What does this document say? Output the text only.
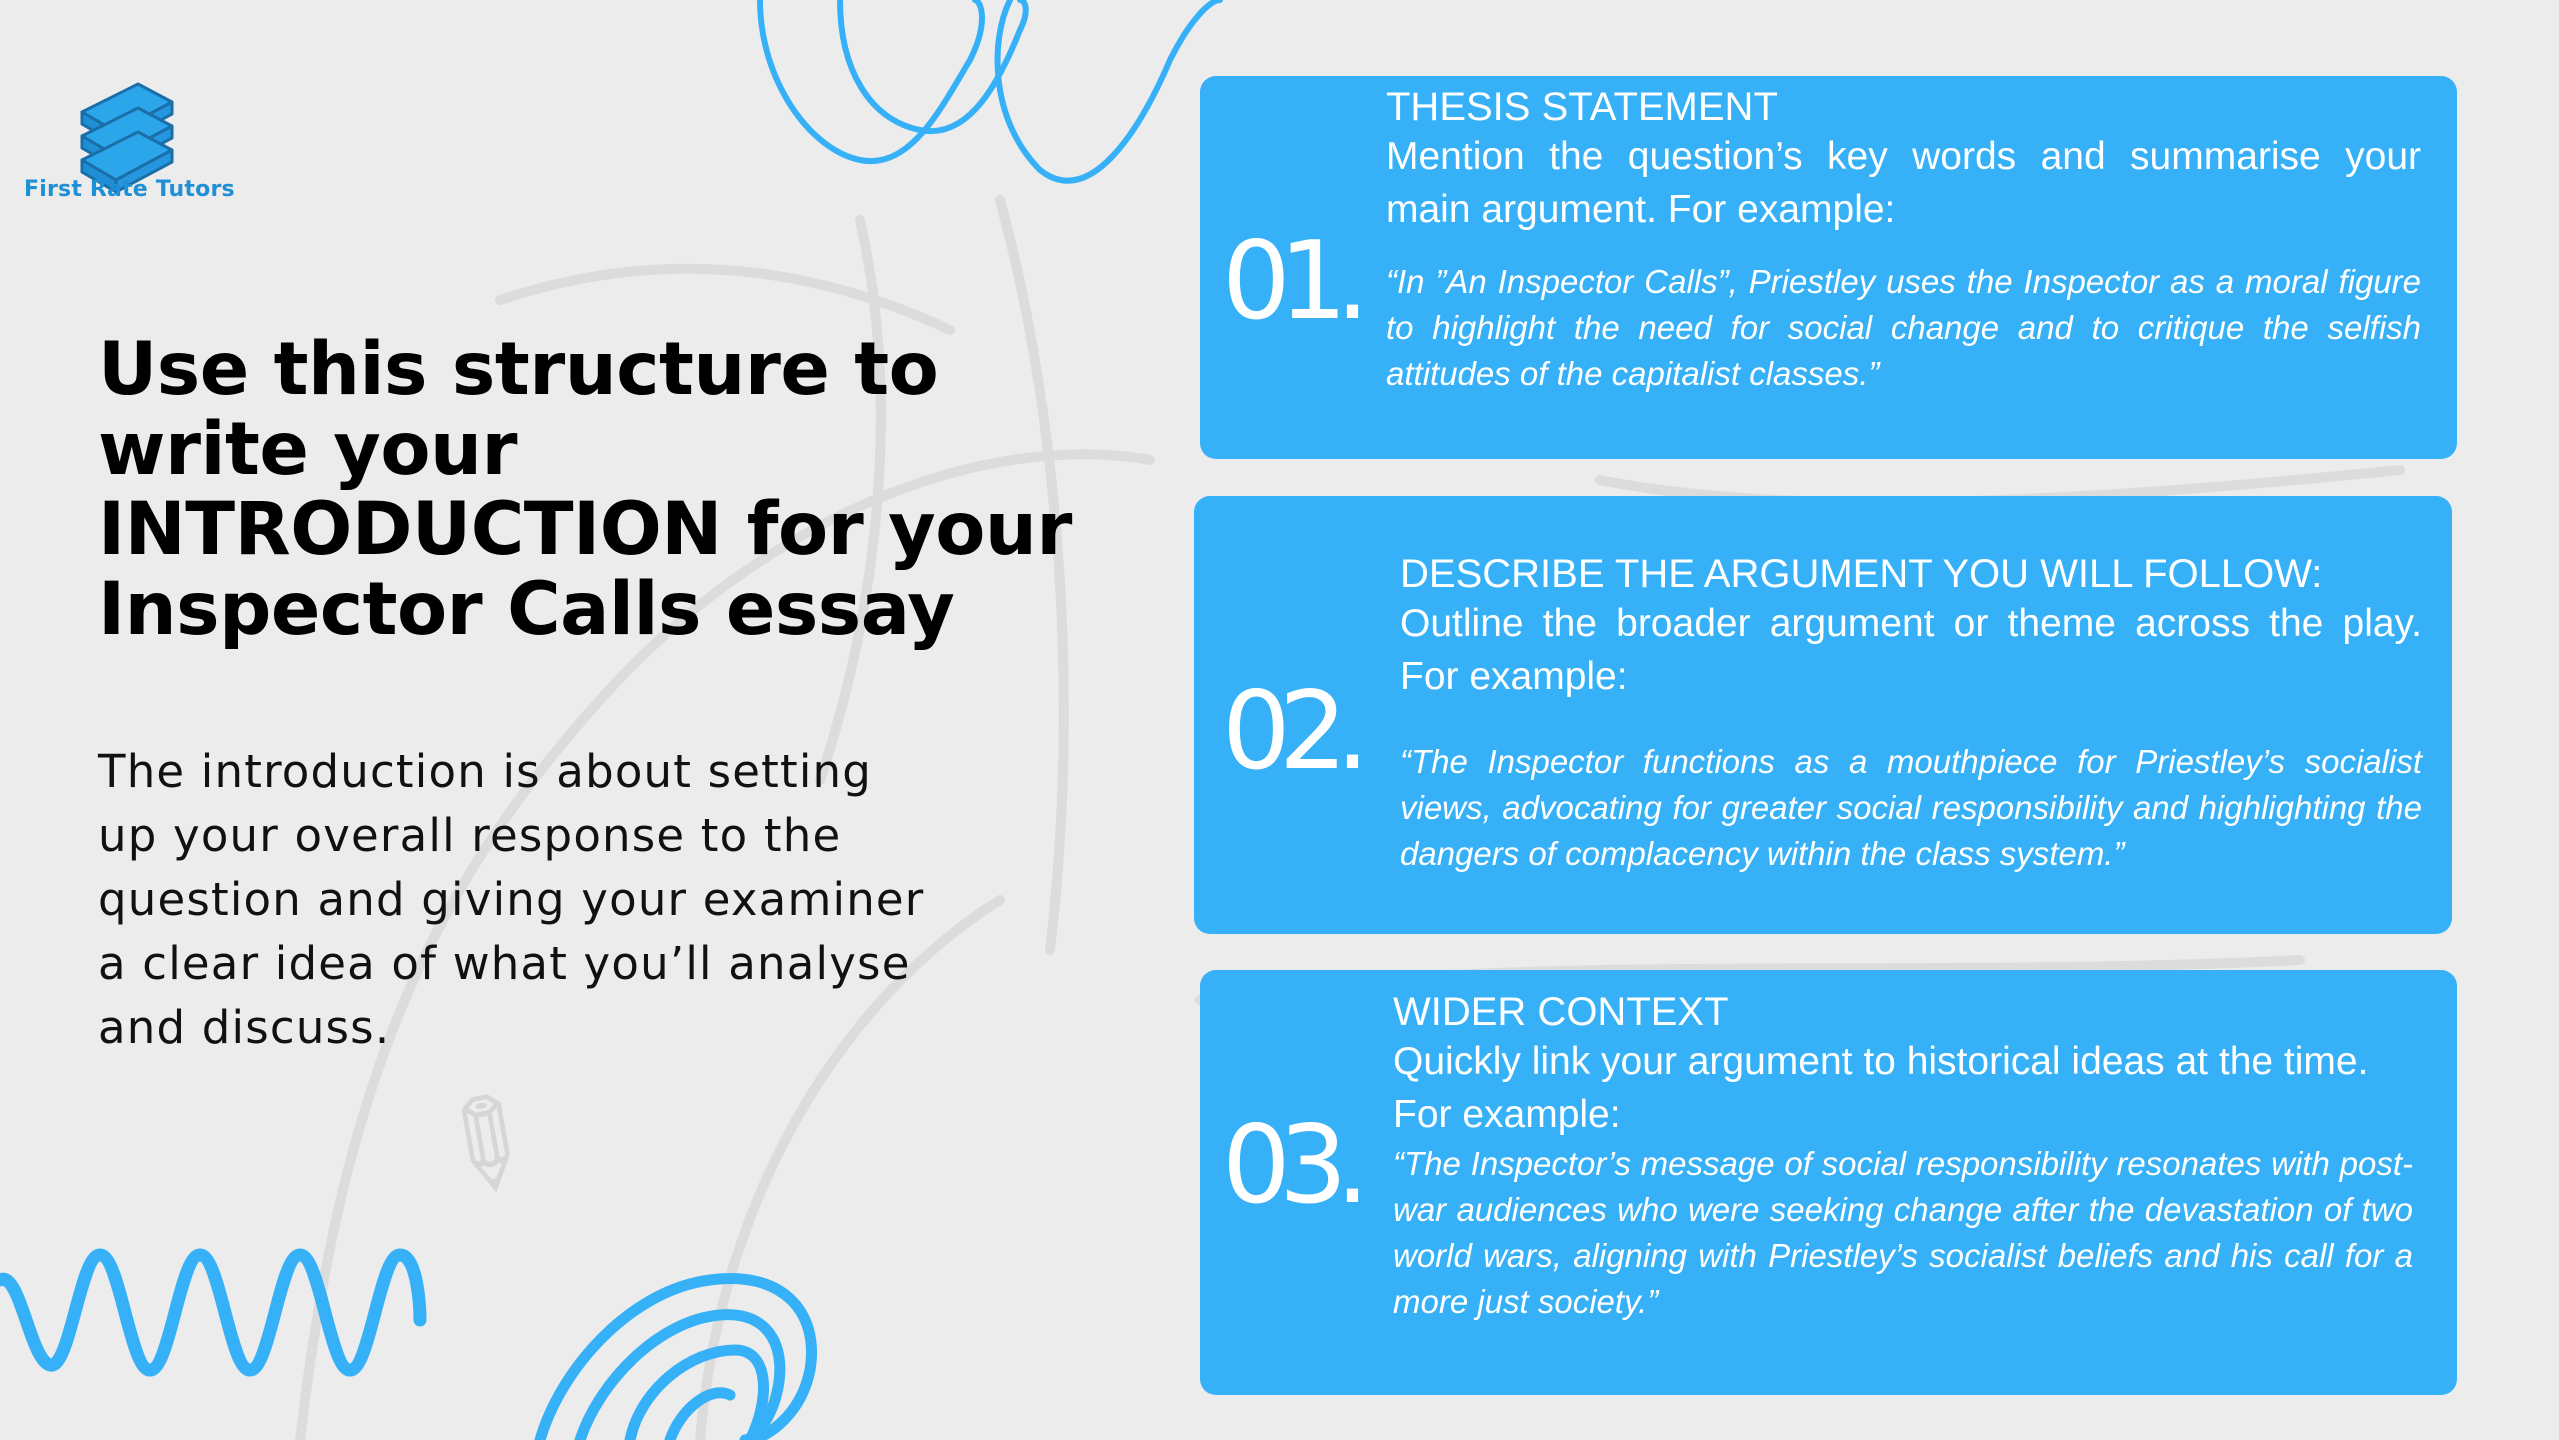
✎
First Rate Tutors
Use this structure to
write your
INTRODUCTION for your
Inspector Calls essay

The introduction is about setting
up your overall response to the
question and giving your examiner
a clear idea of what you’ll analyse
and discuss.

01.

THESIS STATEMENT

Mention the question’s key words and summarise your main argument. For example:

“In ”An Inspector Calls”, Priestley uses the Inspector as a moral figure to highlight the need for social change and to critique the selfish attitudes of the capitalist classes.”

02.

DESCRIBE THE ARGUMENT YOU WILL FOLLOW:

Outline the broader argument or theme across the play. For example:

“The Inspector functions as a mouthpiece for Priestley’s socialist views, advocating for greater social responsibility and highlighting the dangers of complacency within the class system.”

03.

WIDER CONTEXT

Quickly link your argument to historical ideas at the time.

For example:

“The Inspector’s message of social responsibility resonates with post-war audiences who were seeking change after the devastation of two world wars, aligning with Priestley’s socialist beliefs and his call for a more just society.”
